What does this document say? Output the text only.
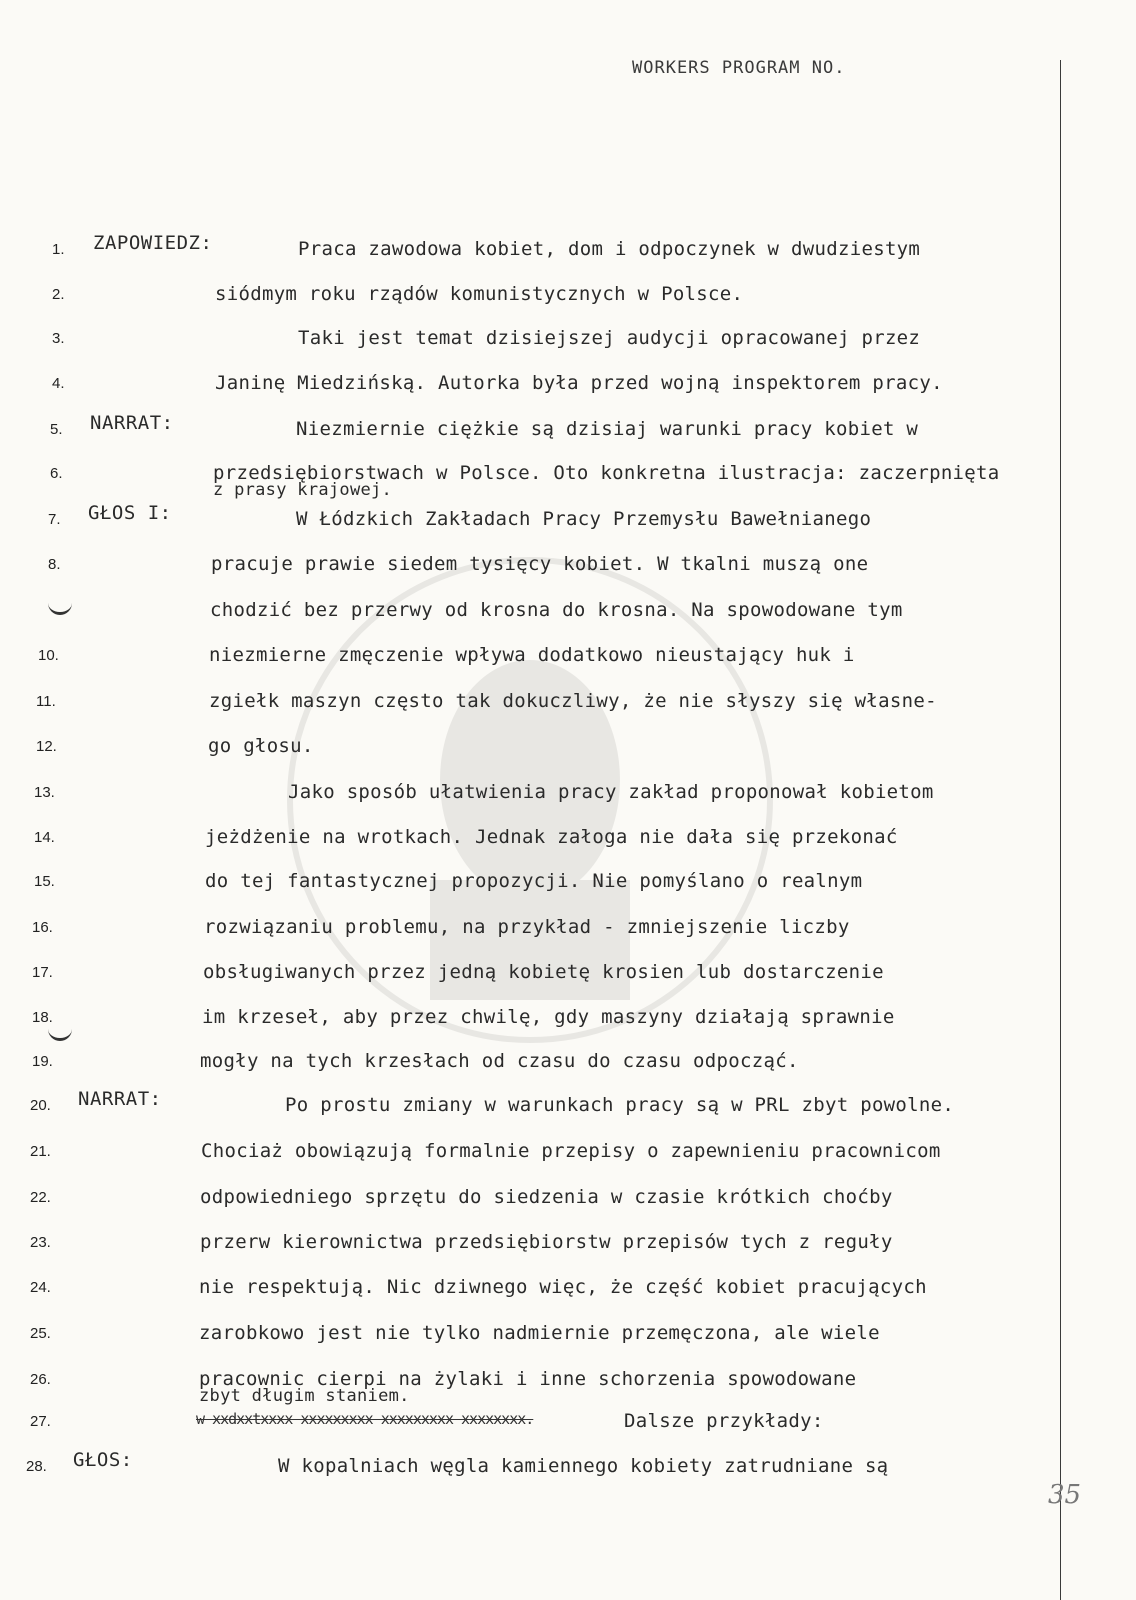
WORKERS PROGRAM NO.
1.	ZAPOWIEDZ:	Praca zawodowa kobiet, dom i odpoczynek w dwudziestym
2.	siódmym roku rządów komunistycznych w Polsce.
3.	Taki jest temat dzisiejszej audycji opracowanej przez
4.	Janinę Miedzińską. Autorka była przed wojną inspektorem pracy.
5.	NARRAT:	Niezmiernie ciężkie są dzisiaj warunki pracy kobiet w
6.	przedsiębiorstwach w Polsce. Oto konkretna ilustracja: zaczerpnięta
z prasy krajowej.
7.	GŁOS I:	W Łódzkich Zakładach Pracy Przemysłu Bawełnianego
8.	pracuje prawie siedem tysięcy kobiet. W tkalni muszą one
chodzić bez przerwy od krosna do krosna. Na spowodowane tym
10.	niezmierne zmęczenie wpływa dodatkowo nieustający huk i
11.	zgiełk maszyn często tak dokuczliwy, że nie słyszy się własne-
12.	go głosu.
13.	Jako sposób ułatwienia pracy zakład proponował kobietom
14.	jeżdżenie na wrotkach. Jednak załoga nie dała się przekonać
15.	do tej fantastycznej propozycji. Nie pomyślano o realnym
16.	rozwiązaniu problemu, na przykład - zmniejszenie liczby
17.	obsługiwanych przez jedną kobietę krosien lub dostarczenie
18.	im krzeseł, aby przez chwilę, gdy maszyny działają sprawnie
19.	mogły na tych krzesłach od czasu do czasu odpocząć.
20.	NARRAT:	Po prostu zmiany w warunkach pracy są w PRL zbyt powolne.
21.	Chociaż obowiązują formalnie przepisy o zapewnieniu pracownicom
22.	odpowiedniego sprzętu do siedzenia w czasie krótkich choćby
23.	przerw kierownictwa przedsiębiorstw przepisów tych z reguły
24.	nie respektują. Nic dziwnego więc, że część kobiet pracujących
25.	zarobkowo jest nie tylko nadmiernie przemęczona, ale wiele
26.	pracownic cierpi na żylaki i inne schorzenia spowodowane
zbyt długim staniem.
27.	w xxdxxtxxxx xxxxxxxxx xxxxxxxxx xxxxxxxx.	Dalsze przykłady:
28.	GŁOS:	W kopalniach węgla kamiennego kobiety zatrudniane są
35
